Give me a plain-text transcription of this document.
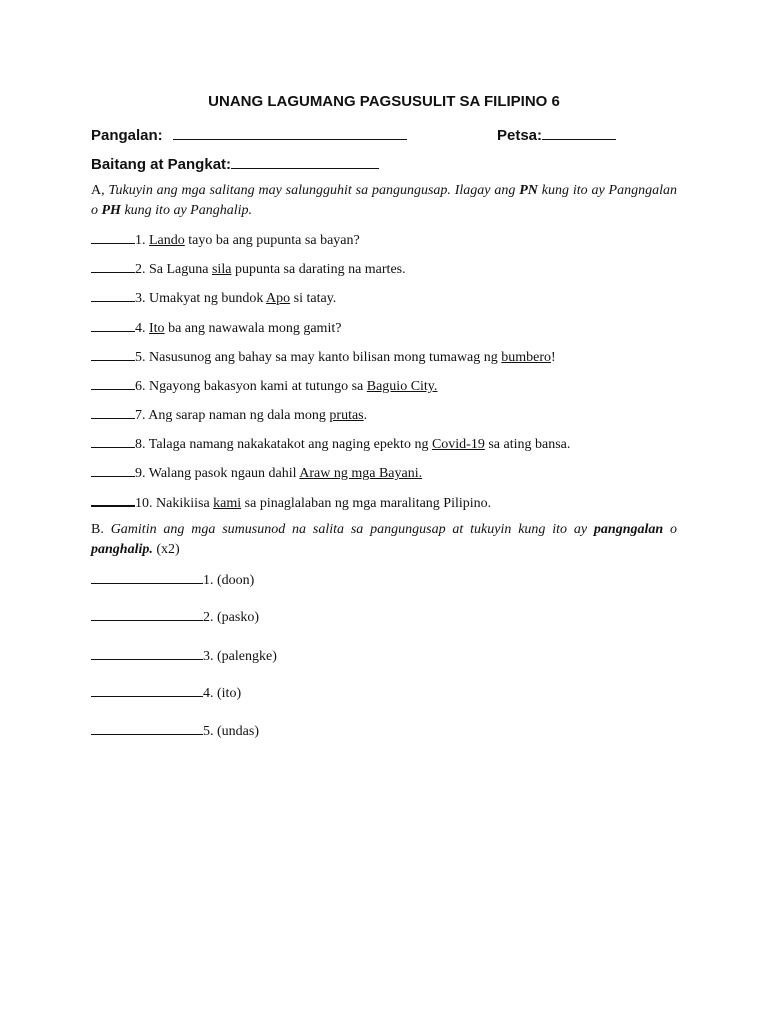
UNANG LAGUMANG PAGSUSULIT SA FILIPINO 6
Pangalan:	Petsa:
Baitang at Pangkat:
A, Tukuyin ang mga salitang may salungguhit sa pangungusap. Ilagay ang PN kung ito ay Pangngalan o PH kung ito ay Panghalip.
1. Lando tayo ba ang pupunta sa bayan?
2. Sa Laguna sila pupunta sa darating na martes.
3. Umakyat ng bundok Apo si tatay.
4. Ito ba ang nawawala mong gamit?
5. Nasusunog ang bahay sa may kanto bilisan mong tumawag ng bumbero!
6. Ngayong bakasyon kami at tutungo sa Baguio City.
7. Ang sarap naman ng dala mong prutas.
8. Talaga namang nakakatakot ang naging epekto ng Covid-19 sa ating bansa.
9. Walang pasok ngaun dahil Araw ng mga Bayani.
10. Nakikiisa kami sa pinaglalaban ng mga maralitang Pilipino.
B. Gamitin ang mga sumusunod na salita sa pangungusap at tukuyin kung ito ay pangngalan o panghalip. (x2)
1. (doon)
2. (pasko)
3. (palengke)
4. (ito)
5. (undas)
